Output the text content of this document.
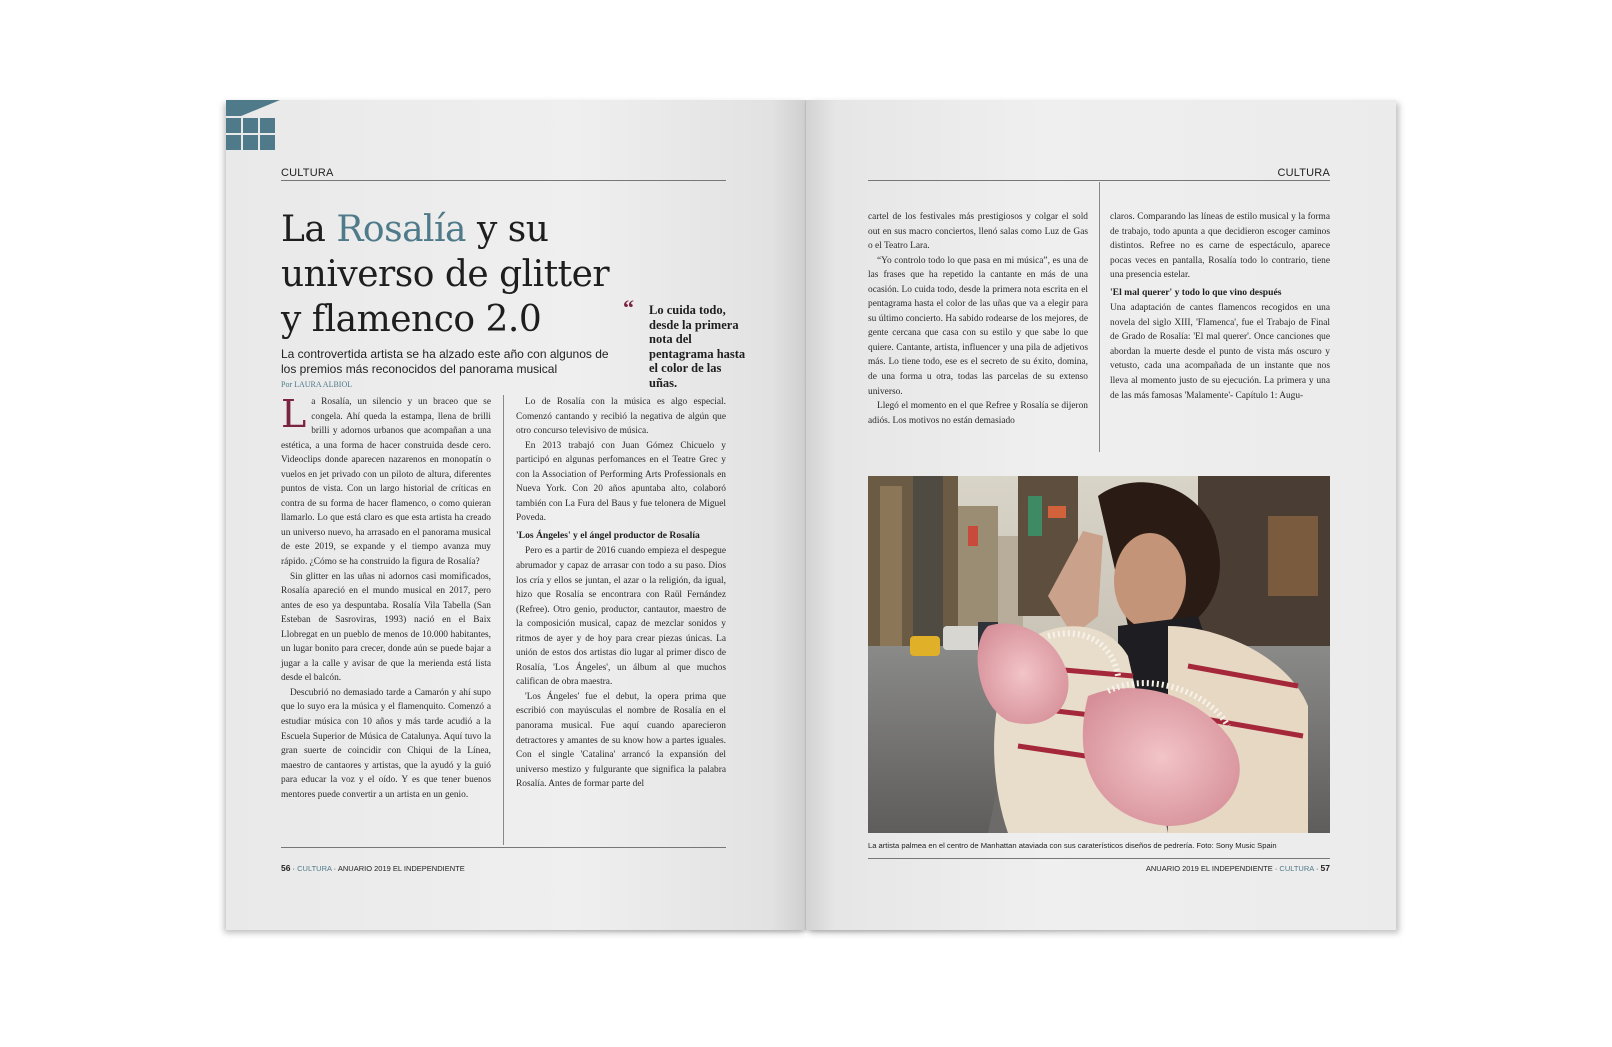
CULTURA
La Rosalía y su universo de glitter y flamenco 2.0
La controvertida artista se ha alzado este año con algunos de los premios más reconocidos del panorama musical
Por LAURA ALBIOL
“ Lo cuida todo, desde la primera nota del pentagrama hasta el color de las uñas.
L a Rosalía, un silencio y un braceo que se congela. Ahí queda la estampa, llena de brilli brilli y adornos urbanos que acompañan a una estética, a una forma de hacer construida desde cero. Videoclips donde aparecen nazarenos en monopatín o vuelos en jet privado con un piloto de altura, diferentes puntos de vista. Con un largo historial de críticas en contra de su forma de hacer flamenco, o como quieran llamarlo. Lo que está claro es que esta artista ha creado un universo nuevo, ha arrasado en el panorama musical de este 2019, se expande y el tiempo avanza muy rápido. ¿Cómo se ha construido la figura de Rosalía?

Sin glitter en las uñas ni adornos casi momificados, Rosalía apareció en el mundo musical en 2017, pero antes de eso ya despuntaba. Rosalía Vila Tabella (San Esteban de Sasroviras, 1993) nació en el Baix Llobregat en un pueblo de menos de 10.000 habitantes, un lugar bonito para crecer, donde aún se puede bajar a jugar a la calle y avisar de que la merienda está lista desde el balcón.

Descubrió no demasiado tarde a Camarón y ahí supo que lo suyo era la música y el flamenquito. Comenzó a estudiar música con 10 años y más tarde acudió a la Escuela Superior de Música de Catalunya. Aquí tuvo la gran suerte de coincidir con Chiqui de la Línea, maestro de cantaores y artistas, que la ayudó y la guió para educar la voz y el oído. Y es que tener buenos mentores puede convertir a un artista en un genio.

Lo de Rosalía con la música es algo especial. Comenzó cantando y recibió la negativa de algún que otro concurso televisivo de música.

En 2013 trabajó con Juan Gómez Chicuelo y participó en algunas perfomances en el Teatre Grec y con la Association of Performing Arts Professionals en Nueva York. Con 20 años apuntaba alto, colaboró también con La Fura del Baus y fue telonera de Miguel Poveda.

'Los Ángeles' y el ángel productor de Rosalía

Pero es a partir de 2016 cuando empieza el despegue abrumador y capaz de arrasar con todo a su paso. Dios los cría y ellos se juntan, el azar o la religión, da igual, hizo que Rosalía se encontrara con Raül Fernández (Refree). Otro genio, productor, cantautor, maestro de la composición musical, capaz de mezclar sonidos y ritmos de ayer y de hoy para crear piezas únicas. La unión de estos dos artistas dio lugar al primer disco de Rosalía, 'Los Ángeles', un álbum al que muchos califican de obra maestra.

'Los Ángeles' fue el debut, la opera prima que escribió con mayúsculas el nombre de Rosalía en el panorama musical. Fue aquí cuando aparecieron detractores y amantes de su know how a partes iguales. Con el single 'Catalina' arrancó la expansión del universo mestizo y fulgurante que significa la palabra Rosalía. Antes de formar parte del

56 · CULTURA · ANUARIO 2019 EL INDEPENDIENTE
CULTURA

cartel de los festivales más prestigiosos y colgar el sold out en sus macro conciertos, llenó salas como Luz de Gas o el Teatro Lara.

“Yo controlo todo lo que pasa en mi música”, es una de las frases que ha repetido la cantante en más de una ocasión. Lo cuida todo, desde la primera nota escrita en el pentagrama hasta el color de las uñas que va a elegir para su último concierto. Ha sabido rodearse de los mejores, de gente cercana que casa con su estilo y que sabe lo que quiere. Cantante, artista, influencer y una pila de adjetivos más. Lo tiene todo, ese es el secreto de su éxito, domina, de una forma u otra, todas las parcelas de su extenso universo.

Llegó el momento en el que Refree y Rosalía se dijeron adiós. Los motivos no están demasiado

claros. Comparando las líneas de estilo musical y la forma de trabajo, todo apunta a que decidieron escoger caminos distintos. Refree no es carne de espectáculo, aparece pocas veces en pantalla, Rosalía todo lo contrario, tiene una presencia estelar.

'El mal querer' y todo lo que vino después

Una adaptación de cantes flamencos recogidos en una novela del siglo XIII, 'Flamenca', fue el Trabajo de Final de Grado de Rosalía: 'El mal querer'. Once canciones que abordan la muerte desde el punto de vista más oscuro y vetusto, cada una acompañada de un instante que nos lleva al momento justo de su ejecución. La primera y una de las más famosas 'Malamente'- Capítulo 1: Augu-

La artista palmea en el centro de Manhattan ataviada con sus caraterísticos diseños de pedrería. Foto: Sony Music Spain
ANUARIO 2019 EL INDEPENDIENTE · CULTURA · 57
